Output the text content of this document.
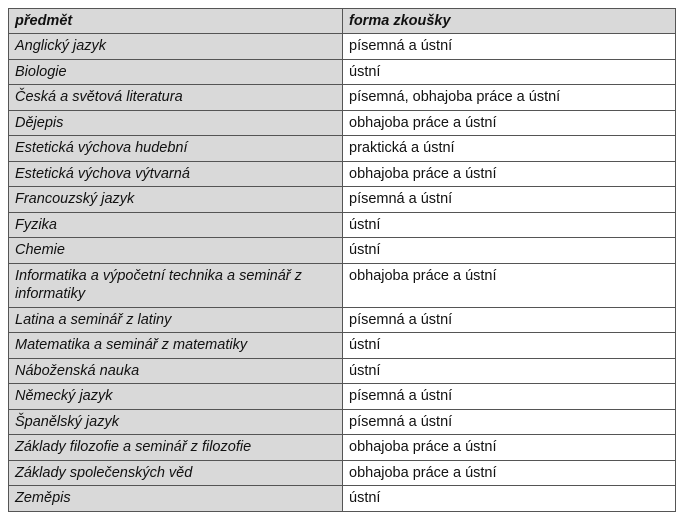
předmět	forma zkoušky
Anglický jazyk	písemná a ústní
Biologie	ústní
Česká a světová literatura	písemná, obhajoba práce a ústní
Dějepis	obhajoba práce a ústní
Estetická výchova hudební	praktická a ústní
Estetická výchova výtvarná	obhajoba práce a ústní
Francouzský jazyk	písemná a ústní
Fyzika	ústní
Chemie	ústní
Informatika a výpočetní technika a seminář z informatiky	obhajoba práce a ústní
Latina a seminář z latiny	písemná a ústní
Matematika a seminář z matematiky	ústní
Náboženská nauka	ústní
Německý jazyk	písemná a ústní
Španělský jazyk	písemná a ústní
Základy filozofie a seminář z filozofie	obhajoba práce a ústní
Základy společenských věd	obhajoba práce a ústní
Zeměpis	ústní
